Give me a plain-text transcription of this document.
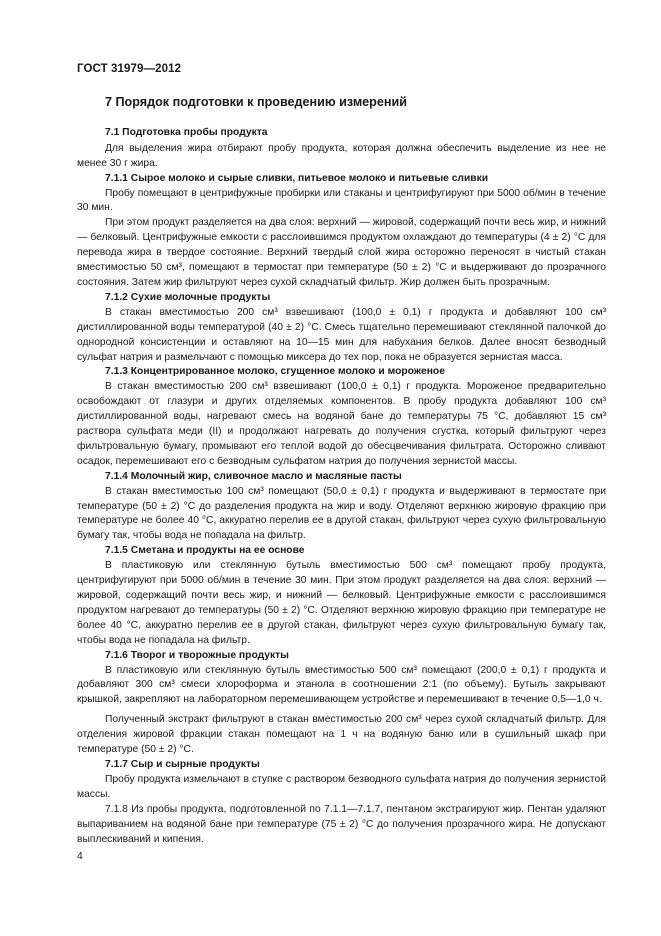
ГОСТ 31979—2012
7 Порядок подготовки к проведению измерений
7.1 Подготовка пробы продукта

Для выделения жира отбирают пробу продукта, которая должна обеспечить выделение из нее не менее 30 г жира.

7.1.1 Сырое молоко и сырые сливки, питьевое молоко и питьевые сливки

Пробу помещают в центрифужные пробирки или стаканы и центрифугируют при 5000 об/мин в течение 30 мин.

При этом продукт разделяется на два слоя: верхний — жировой, содержащий почти весь жир, и нижний — белковый. Центрифужные емкости с расслоившимся продуктом охлаждают до температуры (4 ± 2) °С для перевода жира в твердое состояние. Верхний твердый слой жира осторожно переносят в чистый стакан вместимостью 50 см³, помещают в термостат при температуре (50 ± 2) °С и выдерживают до прозрачного состояния. Затем жир фильтруют через сухой складчатый фильтр. Жир должен быть прозрачным.

7.1.2 Сухие молочные продукты

В стакан вместимостью 200 см³ взвешивают (100,0 ± 0,1) г продукта и добавляют 100 см³ дистиллированной воды температурой (40 ± 2) °С. Смесь тщательно перемешивают стеклянной палочкой до однородной консистенции и оставляют на 10—15 мин для набухания белков. Далее вносят безводный сульфат натрия и размельчают с помощью миксера до тех пор, пока не образуется зернистая масса.

7.1.3 Концентрированное молоко, сгущенное молоко и мороженое

В стакан вместимостью 200 см³ взвешивают (100,0 ± 0,1) г продукта. Мороженое предварительно освобождают от глазури и других отделяемых компонентов. В пробу продукта добавляют 100 см³ дистиллированной воды, нагревают смесь на водяной бане до температуры 75 °С, добавляют 15 см³ раствора сульфата меди (II) и продолжают нагревать до получения сгустка, который фильтруют через фильтровальную бумагу, промывают его теплой водой до обесцвечивания фильтрата. Осторожно сливают осадок, перемешивают его с безводным сульфатом натрия до получения зернистой массы.

7.1.4 Молочный жир, сливочное масло и масляные пасты

В стакан вместимостью 100 см³ помещают (50,0 ± 0,1) г продукта и выдерживают в термостате при температуре (50 ± 2) °С до разделения продукта на жир и воду. Отделяют верхнюю жировую фракцию при температуре не более 40 °С, аккуратно перелив ее в другой стакан, фильтруют через сухую фильтровальную бумагу так, чтобы вода не попадала на фильтр.

7.1.5 Сметана и продукты на ее основе

В пластиковую или стеклянную бутыль вместимостью 500 см³ помещают пробу продукта, центрифугируют при 5000 об/мин в течение 30 мин. При этом продукт разделяется на два слоя: верхний — жировой, содержащий почти весь жир, и нижний — белковый. Центрифужные емкости с расслоившимся продуктом нагревают до температуры (50 ± 2) °С. Отделяют верхнюю жировую фракцию при температуре не более 40 °С, аккуратно перелив ее в другой стакан, фильтруют через сухую фильтровальную бумагу так, чтобы вода не попадала на фильтр.

7.1.6 Творог и творожные продукты

В пластиковую или стеклянную бутыль вместимостью 500 см³ помещают (200,0 ± 0,1) г продукта и добавляют 300 см³ смеси хлороформа и этанола в соотношении 2:1 (по объему). Бутыль закрывают крышкой, закрепляют на лабораторном перемешивающем устройстве и перемешивают в течение 0,5—1,0 ч.

Полученный экстракт фильтруют в стакан вместимостью 200 см³ через сухой складчатый фильтр. Для отделения жировой фракции стакан помещают на 1 ч на водяную баню или в сушильный шкаф при температуре (50 ± 2) °С.

7.1.7 Сыр и сырные продукты

Пробу продукта измельчают в ступке с раствором безводного сульфата натрия до получения зернистой массы.

7.1.8 Из пробы продукта, подготовленной по 7.1.1—7.1.7, пентаном экстрагируют жир. Пентан удаляют выпариванием на водяной бане при температуре (75 ± 2) °С до получения прозрачного жира. Не допускают выплескиваний и кипения.

4
